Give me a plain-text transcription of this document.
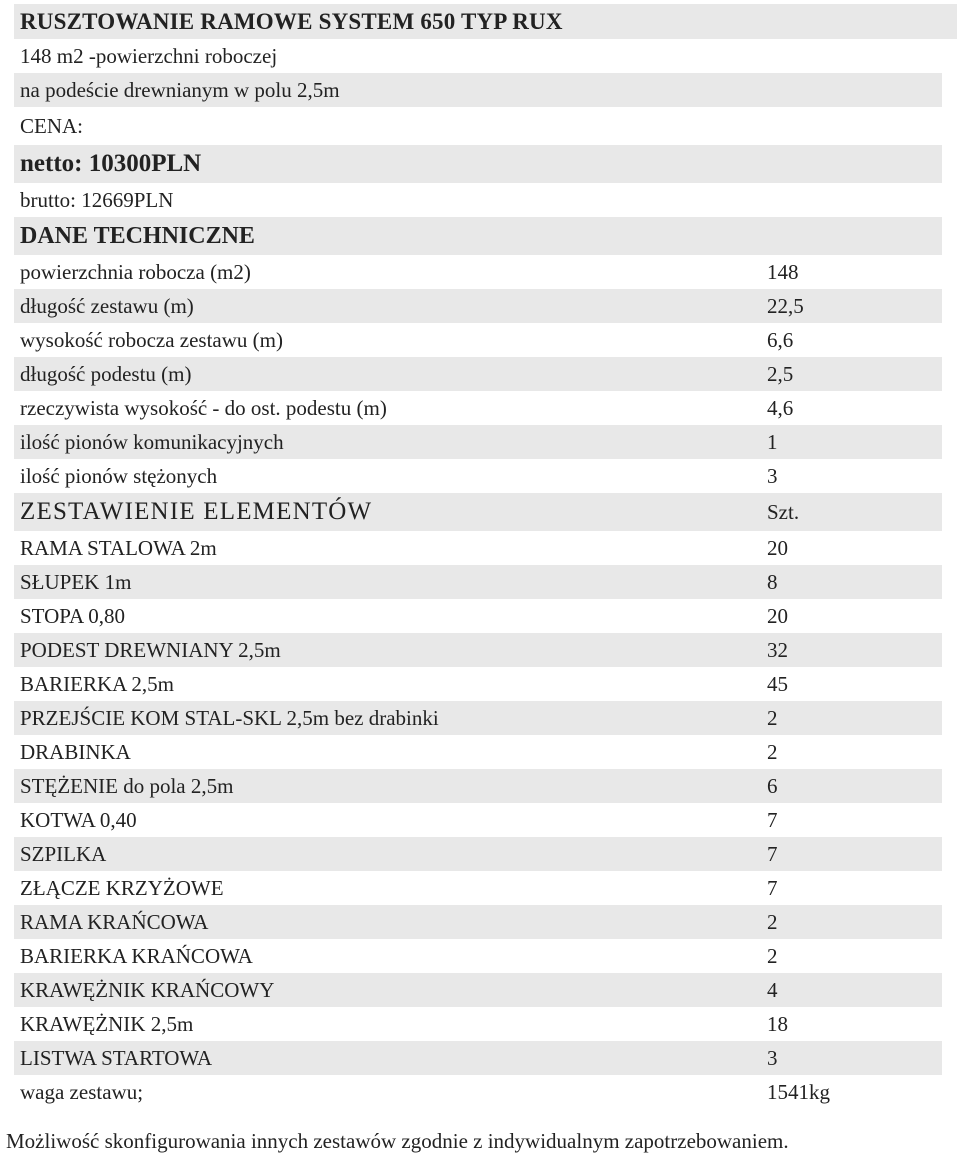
RUSZTOWANIE RAMOWE SYSTEM 650 TYP RUX
148 m2 -powierzchni roboczej
na podeście drewnianym w polu 2,5m
CENA:
netto: 10300PLN
brutto: 12669PLN
DANE TECHNICZNE
powierzchnia robocza (m2)	148
długość zestawu (m)	22,5
wysokość robocza zestawu (m)	6,6
długość podestu (m)	2,5
rzeczywista wysokość - do ost. podestu (m)	4,6
ilość pionów komunikacyjnych	1
ilość pionów stężonych	3
ZESTAWIENIE ELEMENTÓW	Szt.
RAMA STALOWA 2m	20
SŁUPEK 1m	8
STOPA 0,80	20
PODEST DREWNIANY 2,5m	32
BARIERKA 2,5m	45
PRZEJŚCIE KOM STAL-SKL 2,5m bez drabinki	2
DRABINKA	2
STĘŻENIE do pola 2,5m	6
KOTWA 0,40	7
SZPILKA	7
ZŁĄCZE KRZYŻOWE	7
RAMA KRAŃCOWA	2
BARIERKA KRAŃCOWA	2
KRAWĘŻNIK KRAŃCOWY	4
KRAWĘŻNIK 2,5m	18
LISTWA STARTOWA	3
waga zestawu;	1541kg
Możliwość skonfigurowania innych zestawów zgodnie z indywidualnym zapotrzebowaniem.
